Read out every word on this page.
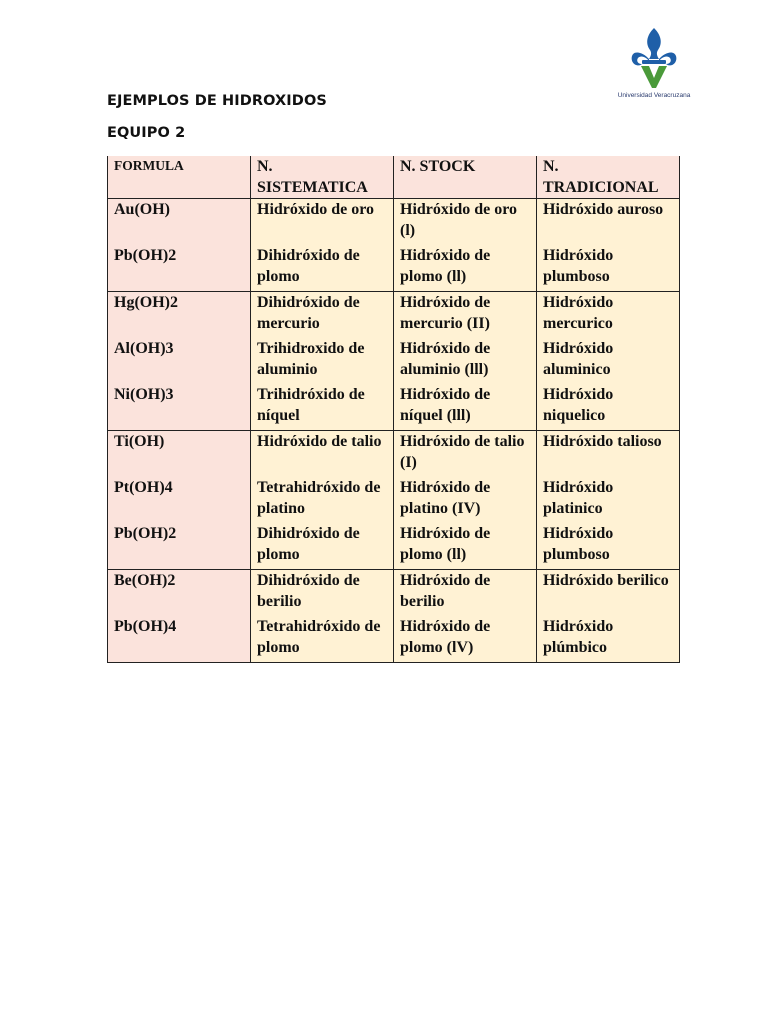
Universidad Veracruzana
EJEMPLOS DE HIDROXIDOS
EQUIPO 2
FORMULA	N. SISTEMATICA	N. STOCK	N. TRADICIONAL
Au(OH)	Hidróxido de oro	Hidróxido de oro (l)	Hidróxido auroso
Pb(OH)2	Dihidróxido de plomo	Hidróxido de plomo (ll)	Hidróxido plumboso
Hg(OH)2	Dihidróxido de mercurio	Hidróxido de mercurio (II)	Hidróxido mercurico
Al(OH)3	Trihidroxido de aluminio	Hidróxido de aluminio (lll)	Hidróxido aluminico
Ni(OH)3	Trihidróxido de níquel	Hidróxido de níquel (lll)	Hidróxido niquelico
Ti(OH)	Hidróxido de talio	Hidróxido de talio (I)	Hidróxido talioso
Pt(OH)4	Tetrahidróxido de platino	Hidróxido de platino (IV)	Hidróxido platinico
Pb(OH)2	Dihidróxido de plomo	Hidróxido de plomo (ll)	Hidróxido plumboso
Be(OH)2	Dihidróxido de berilio	Hidróxido de berilio	Hidróxido berilico
Pb(OH)4	Tetrahidróxido de plomo	Hidróxido de plomo (lV)	Hidróxido plúmbico
